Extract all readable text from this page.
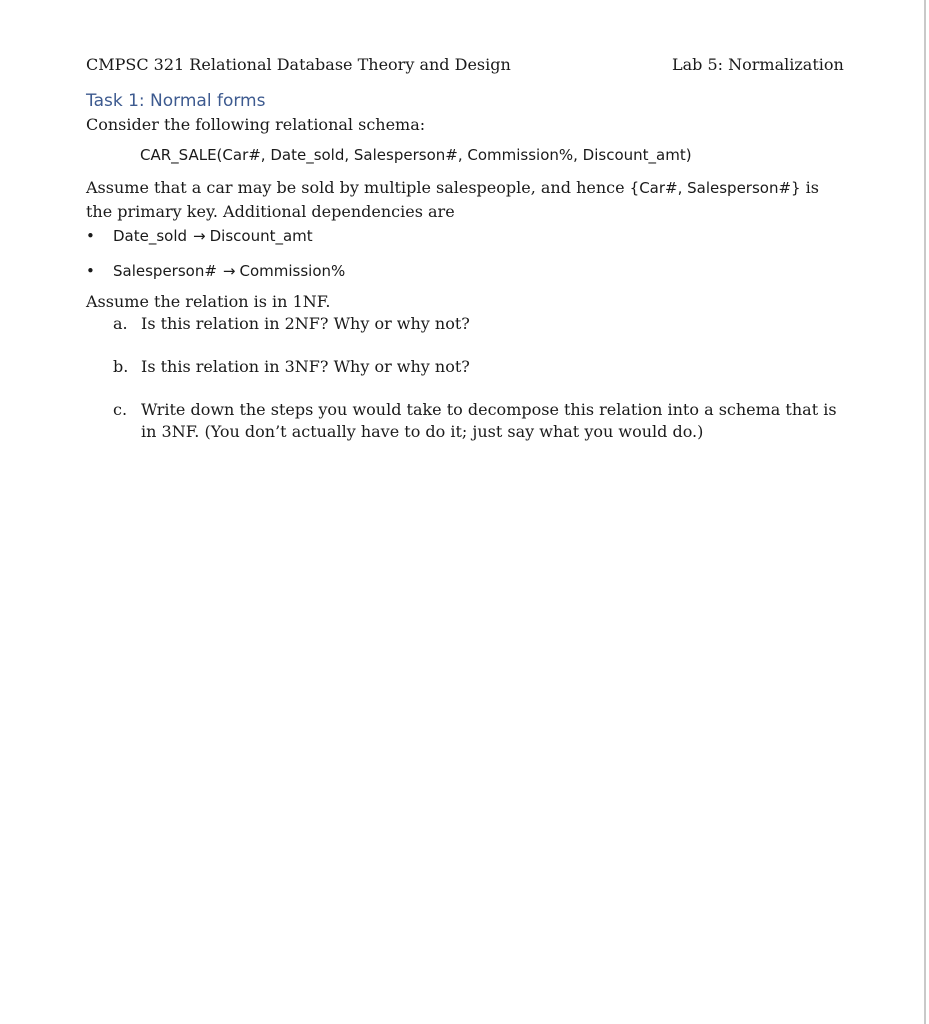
CMPSC 321 Relational Database Theory and Design	Lab 5: Normalization
Task 1: Normal forms
Consider the following relational schema:
CAR_SALE(Car#, Date_sold, Salesperson#, Commission%, Discount_amt)
Assume that a car may be sold by multiple salespeople, and hence {Car#, Salesperson#} is the primary key. Additional dependencies are
•	Date_sold → Discount_amt
•	Salesperson# → Commission%
Assume the relation is in 1NF.
a. Is this relation in 2NF? Why or why not?
b. Is this relation in 3NF? Why or why not?
c. Write down the steps you would take to decompose this relation into a schema that is in 3NF. (You don’t actually have to do it; just say what you would do.)
